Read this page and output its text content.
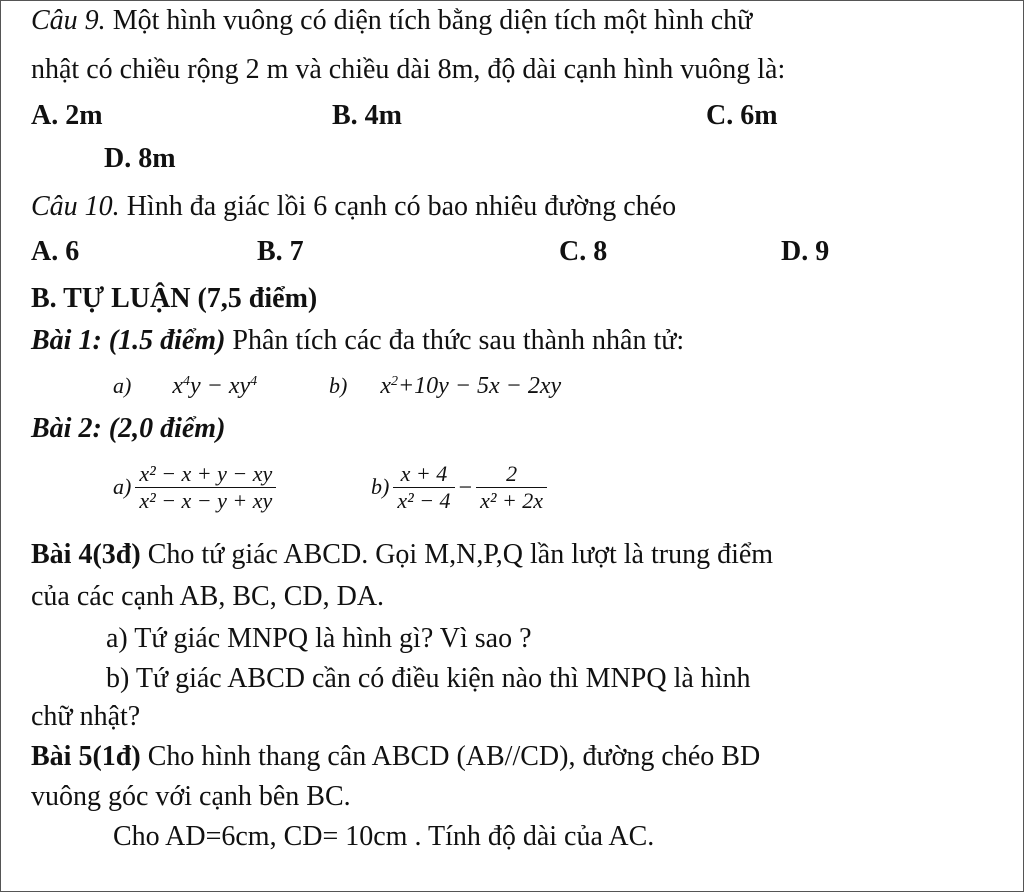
Câu 9. Một hình vuông có diện tích bằng diện tích một hình chữ
nhật có chiều rộng 2 m và chiều dài 8m, độ dài cạnh hình vuông là:
A. 2m	B. 4m	C. 6m
D. 8m
Câu 10. Hình đa giác lồi 6 cạnh có bao nhiêu đường chéo
A. 6	B. 7	C. 8	D. 9
B. TỰ LUẬN (7,5 điểm)
Bài 1: (1.5 điểm) Phân tích các đa thức sau thành nhân tử:
a) $x^4y - xy^4$	b) $x^2+10y - 5x - 2xy$
Bài 2: (2,0 điểm)
$a) \frac{\text{x² − x + y − xy}}{\text{x² − x − y + xy}}$	$b) \frac{x + 4}{\text{x² − 4}} - \frac{2}{\text{x² + 2x}}$
Bài 4(3đ) Cho tứ giác ABCD. Gọi M,N,P,Q lần lượt là trung điểm
của các cạnh AB, BC, CD, DA.
a) Tứ giác MNPQ là hình gì? Vì sao ?
b) Tứ giác ABCD cần có điều kiện nào thì MNPQ là hình
chữ nhật?
Bài 5(1đ) Cho hình thang cân ABCD (AB//CD), đường chéo BD
vuông góc với cạnh bên BC.
Cho AD=6cm, CD= 10cm . Tính độ dài của AC.
